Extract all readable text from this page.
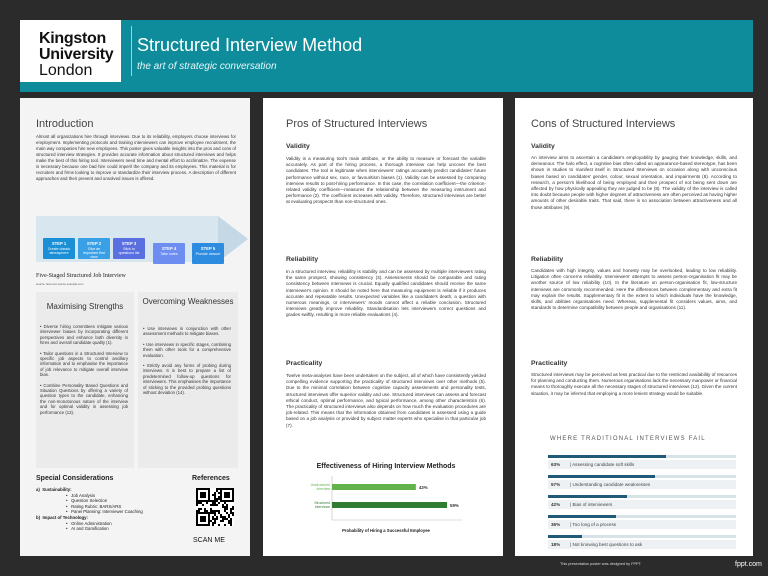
Kingston
University
London
Structured Interview Method
the art of strategic conversation
Introduction
Almost all organizations hire through interviews. Due to its reliability, employers choose interviews for employment. Implementing protocols and training interviewers can improve employee recruitment, the main way companies hire new employees. This poster gives valuable insights into the pros and cons of structured interview strategies. It provides accurate information about structured interviews and helps make the best of this hiring tool. Interviewers need time and mental effort to acclimatize. The expense is necessary because one bad hire could imperil the company and its employees. This material is for recruiters and firms looking to improve or standardize their interview process. A description of different approaches and their prevent and unsolved issues is offered.
STEP 1
Create classic atmosphere
STEP 2
Give an important first view
STEP 3
Stick to questions list
STEP 4
Take notes
STEP 5
Provide closure
Five-Staged Structured Job Interview
source: here text source example.com
Maximising Strengths

• Diverse hiring committees mitigate various interviewer biases by incorporating different perspectives and enhance both diversity in hires and overall candidate quality (1).

• Tailor questions in a Structured Interview to specific job aspects to control ancillary information and to emphasise the importance of job relevance to mitigate overall interview bias.

• Combine Personality Based Questions and Situation Questions by offering a variety of question types to the candidate, enhancing the non-monotonous nature of the interview and for optimal validity in assessing job performance (13).

Overcoming Weaknesses

• Use interviews in conjunction with other assessment methods to mitigate biases.

• Use interviews in specific stages, combining them with other tools for a comprehensive evaluation.

• Strictly avoid any forms of probing during interviews. It is best to prepare a list of predetermined follow-up questions for interviewers. This emphasises the importance of sticking to the provided probing questions without deviation (14).

Special Considerations
a) Sustainability:
•   Job Analysis
•   Question Selection
•   Rating Rubric: BARS/ARS
•   Panel Planning: Interviewer Coaching
b) Impact of Technology:
•   Online Administration
•   AI and Gamification
References
SCAN ME
Pros of Structured Interviews
Validity
Validity is a measuring tool's main attribute, or the ability to measure or forecast the variable accurately. As part of the hiring process, a thorough interview can help uncover the best candidates. The tool is legitimate when interviewers' ratings accurately predict candidates' future performance without sex, race, or favouritism biases (1). Validity can be assessed by comparing interview results to post-hiring performance. In this case, the correlation coefficient—the criterion-related validity coefficient—measures the relationship between the measuring instrument and performance (2). The coefficient increases with validity. Therefore, structured interviews are better at evaluating prospects than non-structured ones.
Reliability
In a structured interview, reliability is stability and can be assessed by multiple interviewers rating the same prospect, showing consistency (3). Assessments should be comparable and rating consistency between interviews is crucial. Equally qualified candidates should receive the same interviewer's opinion. It should be noted here that measuring equipment is reliable if it produces accurate and repeatable results. Unexpected variables like a candidate's death, a question with numerous meanings, or interviewers' moods cannot affect a reliable conclusion. Structured interviews greatly improve reliability. Standardisation lets interviewers correct questions and grades swiftly, resulting in more reliable evaluations (4).
Practicality
Twelve meta-analyses have been undertaken on the subject, all of which have consistently yielded compelling evidence supporting the practicality of structured interviews over other methods (5). Due to the minimal correlation between cognitive capacity assessments and personality tests, structured interviews offer superior validity and use. Structured interviews can assess and forecast ethical conduct, optimal performance, and typical performance, among other characteristics (6). The practicality of structured interviews also depends on how much the evaluation procedures are job-related. This means that the information obtained from candidates is assessed using a guide based on a job analysis or provided by subject matter experts who specialise in that particular job (7).
Effectiveness of Hiring Interview Methods
Unstructured interview	43%
Structured interviews	59%
Probability of Hiring a Successful Employee
Cons of Structured Interviews
Validity
An interview aims to ascertain a candidate's employability by gauging their knowledge, skills, and demeanour. The halo effect, a cognitive bias often called an appearance-based stereotype, has been shown in studies to manifest itself in Structured Interviews on occasion along with unconscious biases based on candidates' gender, colour, sexual orientation, and impairments (8). According to research, a person's likelihood of being employed and their prospect of not being sent down are affected by how physically appealing they are judged to be (8). The validity of the interview is called into doubt because people with higher degrees of attractiveness are often perceived as having higher amounts of other desirable traits. That said, there is no association between attractiveness and all those attributes (9).
Reliability
Candidates with high integrity, values and honesty may be overlooked, leading to low reliability. Litigation often concerns reliability. Interviewers' attempts to assess person-organisation fit may be another source of low reliability (10). In the literature on person-organisation fit, low-structure interviews are commonly recommended. Here the differences between complementary and extra fit may explain the results. Supplementary fit is the extent to which individuals have the knowledge, skills, and abilities organisations need. Whereas, supplemental fit considers values, aims, and standards to determine compatibility between people and organisations (11).
Practicality
Structured interviews may be perceived as less practical due to the restricted availability of resources for planning and conducting them. Numerous organisations lack the necessary manpower or financial means to thoroughly execute all the necessary stages of structured interviews (12). Given the current situation, it may be inferred that employing a more lenient strategy would be suitable.
WHERE TRADITIONAL INTERVIEWS FAIL
63% | Assessing candidate soft skills
57% | Understanding candidate weaknesses
42% | Bias of interviewers
36% | Too long of a process
18% | Not knowing best questions to ask
This presentation poster was designed by FPPT.	fppt.com
